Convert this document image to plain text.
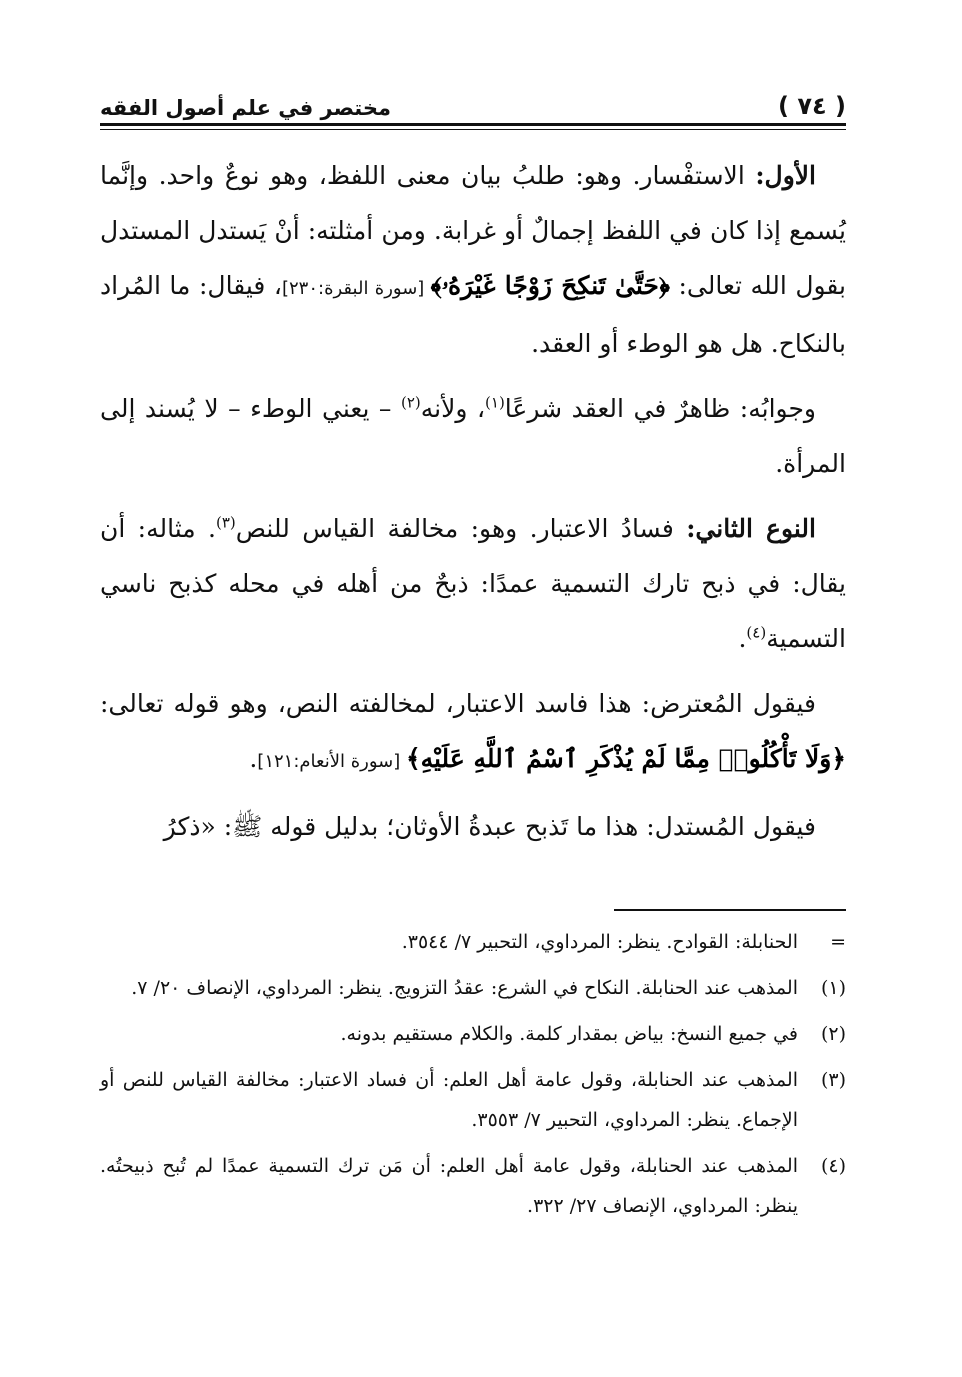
( ٧٤ )
مختصر في علم أصول الفقه

الأول: الاستفْسار. وهو: طلبُ بيان معنى اللفظ، وهو نوعٌ واحد. وإنَّما يُسمع إذا كان في اللفظ إجمالٌ أو غرابة. ومن أمثلته: أنْ يَستدل المستدل بقول الله تعالى: ﴿حَتَّىٰ تَنكِحَ زَوْجًا غَيْرَهُۥ﴾ [سورة البقرة:٢٣٠]، فيقال: ما المُراد بالنكاح. هل هو الوطء أو العقد.

وجوابُه: ظاهرٌ في العقد شرعًا$^{(١)}$، ولأنه$^{(٢)}$ – يعني الوطء – لا يُسند إلى المرأة.

النوع الثاني: فسادُ الاعتبار. وهو: مخالفة القياس للنص$^{(٣)}$. مثاله: أن يقال: في ذبح تارك التسمية عمدًا: ذبحٌ من أهله في محله كذبح ناسي التسمية$^{(٤)}$.

فيقول المُعترض: هذا فاسد الاعتبار، لمخالفته النص، وهو قوله تعالى: ﴿وَلَا تَأْكُلُوا۟ مِمَّا لَمْ يُذْكَرِ ٱسْمُ ٱللَّهِ عَلَيْهِ﴾ [سورة الأنعام:١٢١].

فيقول المُستدل: هذا ما تَذبح عبدةُ الأوثان؛ بدليل قوله ﷺ: «ذكرُ

=
الحنابلة: القوادح. ينظر: المرداوي، التحبير ٧/ ٣٥٤٤.
(١)
المذهب عند الحنابلة. النكاح في الشرع: عقدُ التزويج. ينظر: المرداوي، الإنصاف ٢٠/ ٧.
(٢)
في جميع النسخ: بياض بمقدار كلمة. والكلام مستقيم بدونه.
(٣)
المذهب عند الحنابلة، وقول عامة أهل العلم: أن فساد الاعتبار: مخالفة القياس للنص أو الإجماع. ينظر: المرداوي، التحبير ٧/ ٣٥٥٣.
(٤)
المذهب عند الحنابلة، وقول عامة أهل العلم: أن مَن ترك التسمية عمدًا لم تُبح ذبيحتُه. ينظر: المرداوي، الإنصاف ٢٧/ ٣٢٢.
